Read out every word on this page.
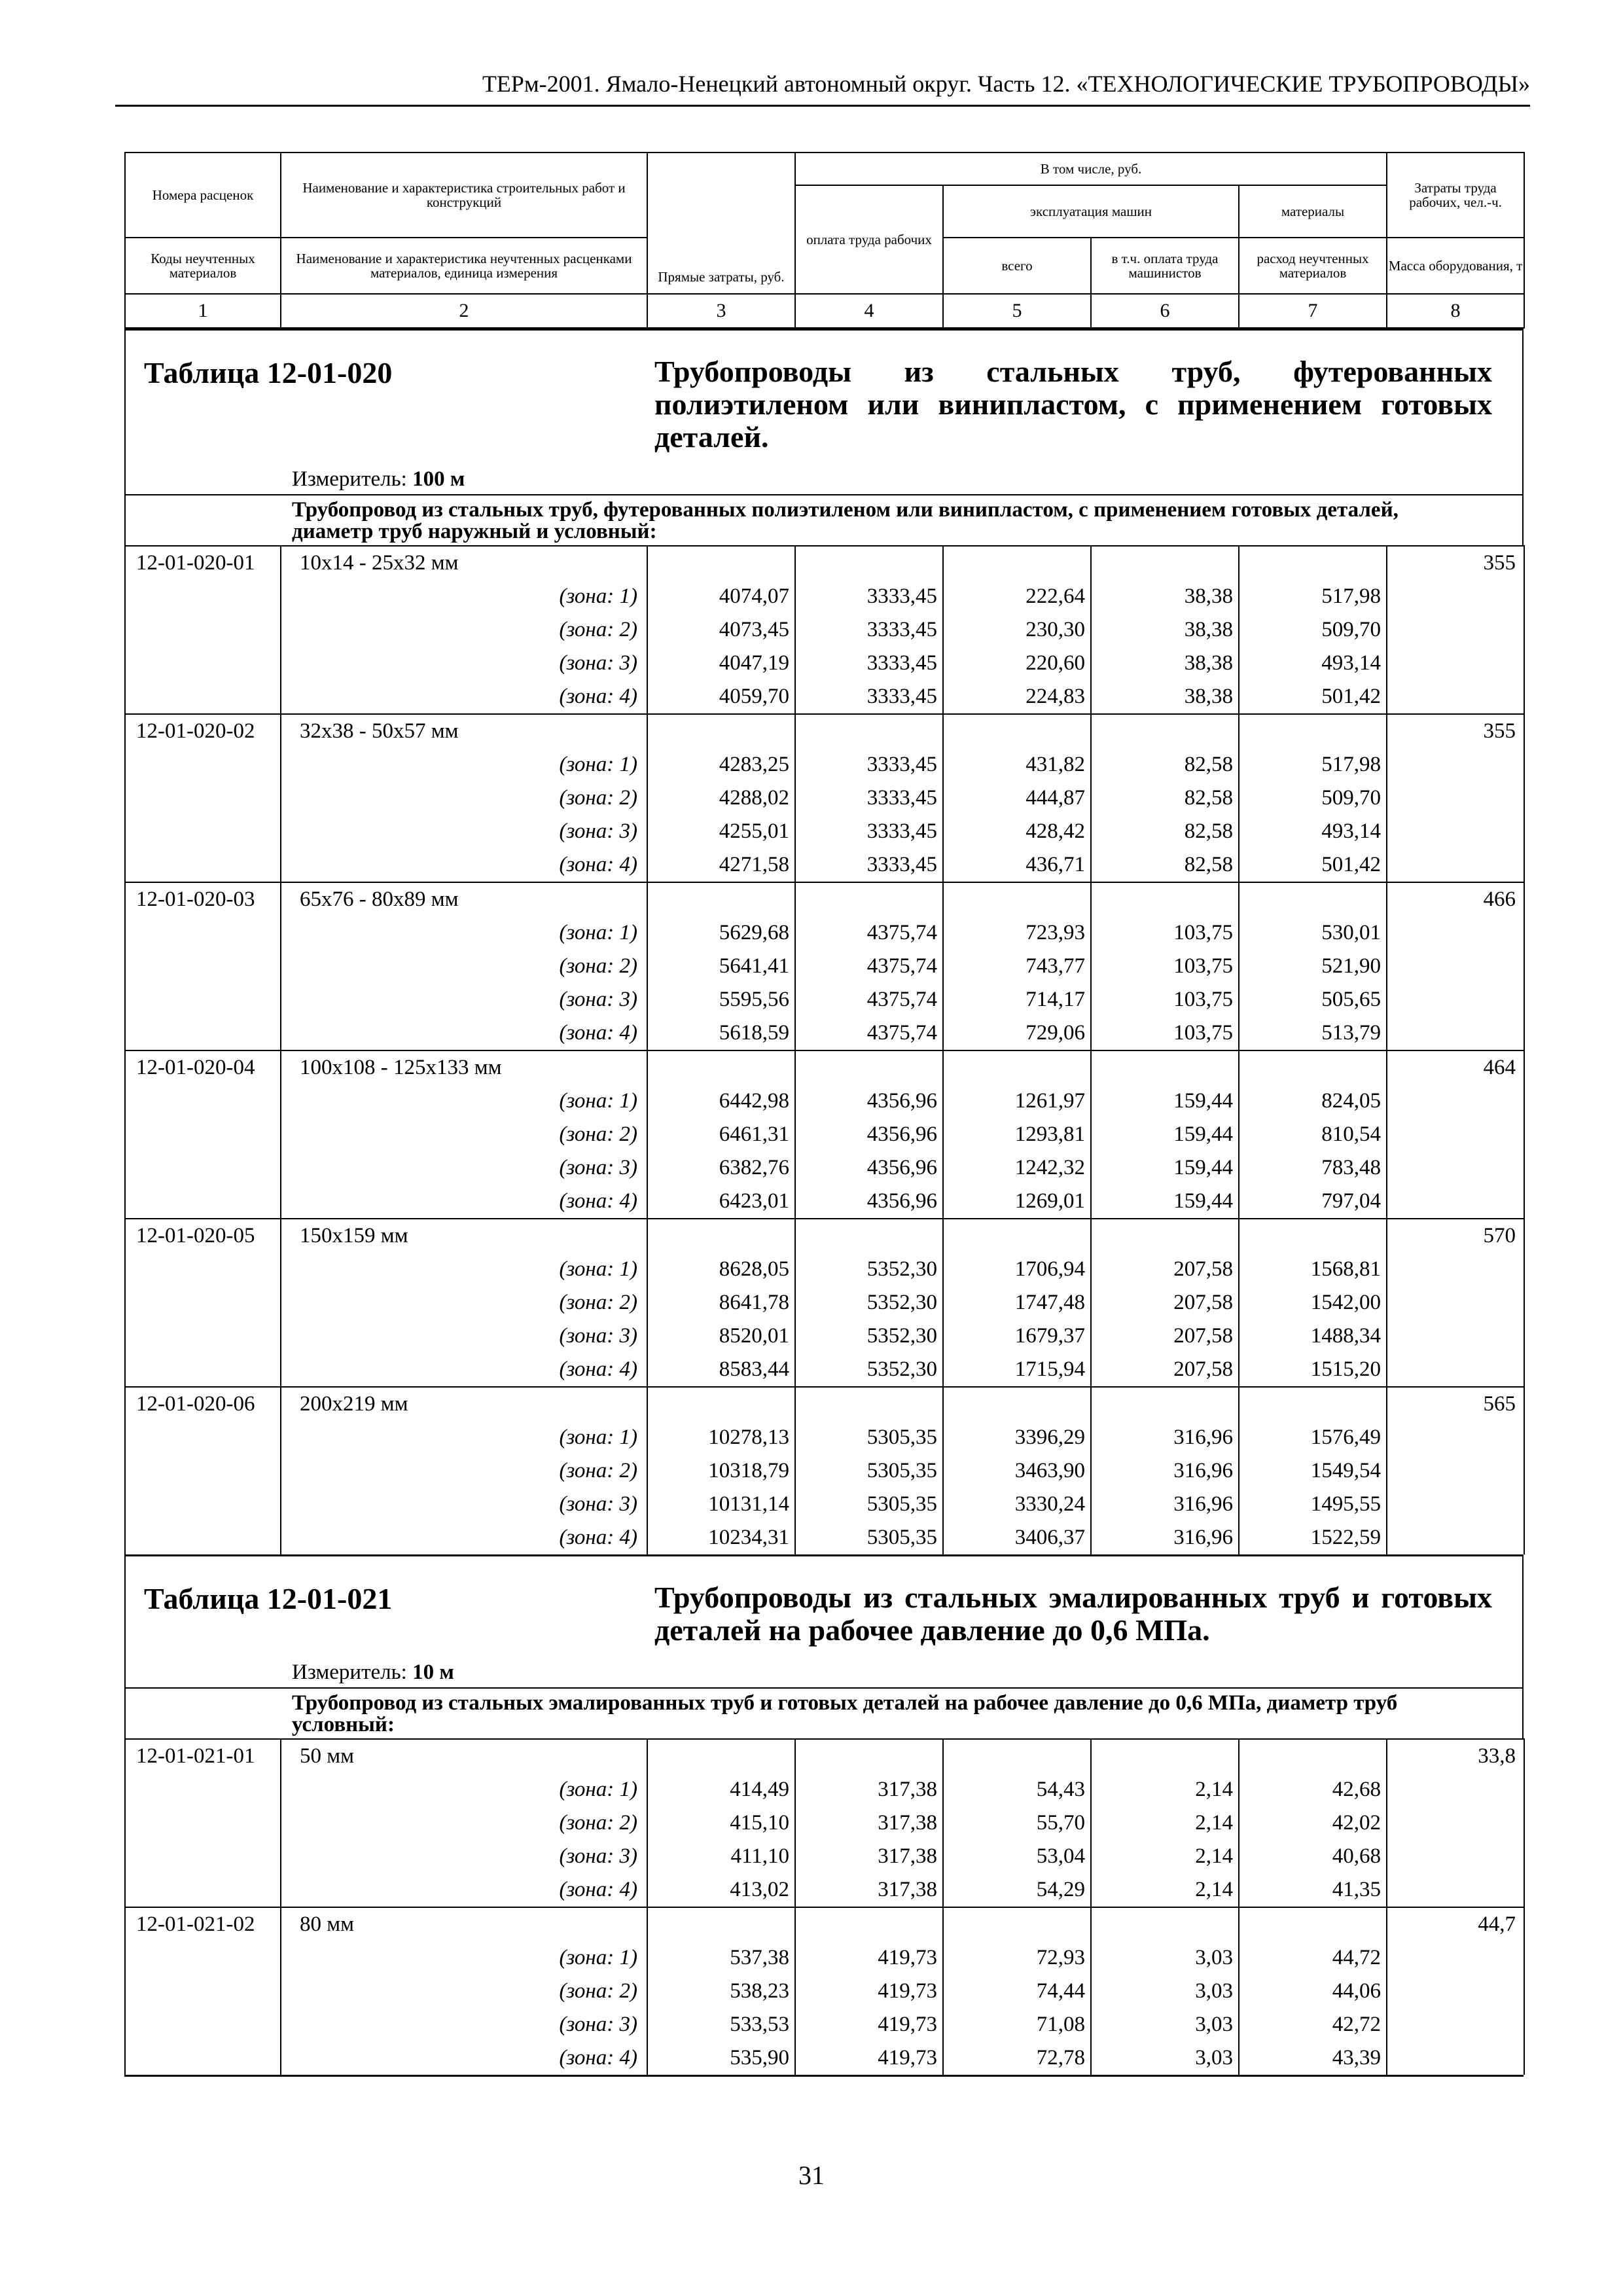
ТЕРм-2001. Ямало-Ненецкий автономный округ. Часть 12. «ТЕХНОЛОГИЧЕСКИЕ ТРУБОПРОВОДЫ»
Номера расценок	Наименование и характеристика строительных работ и конструкций	Прямые затраты, руб.	В том числе, руб.				Затраты труда рабочих, чел.-ч.
			оплата труда рабочих	эксплуатация машин		материалы	
Коды неучтенных материалов	Наименование и характеристика неучтенных расценками материалов, единица измерения			всего	в т.ч. оплата труда машинистов	расход неучтенных материалов	Масса оборудования, т
1	2	3	4	5	6	7	8
Таблица 12-01-020	Трубопроводы из стальных труб, футерованных полиэтиленом или винипластом, с применением готовых деталей.
Измеритель: 100 м
Трубопровод из стальных труб, футерованных полиэтиленом или винипластом, с применением готовых деталей, диаметр труб наружный и условный:
12-01-020-01	10x14 - 25x32 мм						355
	(зона: 1)	4074,07	3333,45	222,64	38,38	517,98	
	(зона: 2)	4073,45	3333,45	230,30	38,38	509,70	
	(зона: 3)	4047,19	3333,45	220,60	38,38	493,14	
	(зона: 4)	4059,70	3333,45	224,83	38,38	501,42	
12-01-020-02	32x38 - 50x57 мм						355
	(зона: 1)	4283,25	3333,45	431,82	82,58	517,98	
	(зона: 2)	4288,02	3333,45	444,87	82,58	509,70	
	(зона: 3)	4255,01	3333,45	428,42	82,58	493,14	
	(зона: 4)	4271,58	3333,45	436,71	82,58	501,42	
12-01-020-03	65x76 - 80x89 мм						466
	(зона: 1)	5629,68	4375,74	723,93	103,75	530,01	
	(зона: 2)	5641,41	4375,74	743,77	103,75	521,90	
	(зона: 3)	5595,56	4375,74	714,17	103,75	505,65	
	(зона: 4)	5618,59	4375,74	729,06	103,75	513,79	
12-01-020-04	100x108 - 125x133 мм						464
	(зона: 1)	6442,98	4356,96	1261,97	159,44	824,05	
	(зона: 2)	6461,31	4356,96	1293,81	159,44	810,54	
	(зона: 3)	6382,76	4356,96	1242,32	159,44	783,48	
	(зона: 4)	6423,01	4356,96	1269,01	159,44	797,04	
12-01-020-05	150x159 мм						570
	(зона: 1)	8628,05	5352,30	1706,94	207,58	1568,81	
	(зона: 2)	8641,78	5352,30	1747,48	207,58	1542,00	
	(зона: 3)	8520,01	5352,30	1679,37	207,58	1488,34	
	(зона: 4)	8583,44	5352,30	1715,94	207,58	1515,20	
12-01-020-06	200x219 мм						565
	(зона: 1)	10278,13	5305,35	3396,29	316,96	1576,49	
	(зона: 2)	10318,79	5305,35	3463,90	316,96	1549,54	
	(зона: 3)	10131,14	5305,35	3330,24	316,96	1495,55	
	(зона: 4)	10234,31	5305,35	3406,37	316,96	1522,59	
Таблица 12-01-021	Трубопроводы из стальных эмалированных труб и готовых деталей на рабочее давление до 0,6 МПа.
Измеритель: 10 м
Трубопровод из стальных эмалированных труб и готовых деталей на рабочее давление до 0,6 МПа, диаметр труб условный:
12-01-021-01	50 мм						33,8
	(зона: 1)	414,49	317,38	54,43	2,14	42,68	
	(зона: 2)	415,10	317,38	55,70	2,14	42,02	
	(зона: 3)	411,10	317,38	53,04	2,14	40,68	
	(зона: 4)	413,02	317,38	54,29	2,14	41,35	
12-01-021-02	80 мм						44,7
	(зона: 1)	537,38	419,73	72,93	3,03	44,72	
	(зона: 2)	538,23	419,73	74,44	3,03	44,06	
	(зона: 3)	533,53	419,73	71,08	3,03	42,72	
	(зона: 4)	535,90	419,73	72,78	3,03	43,39	
31
